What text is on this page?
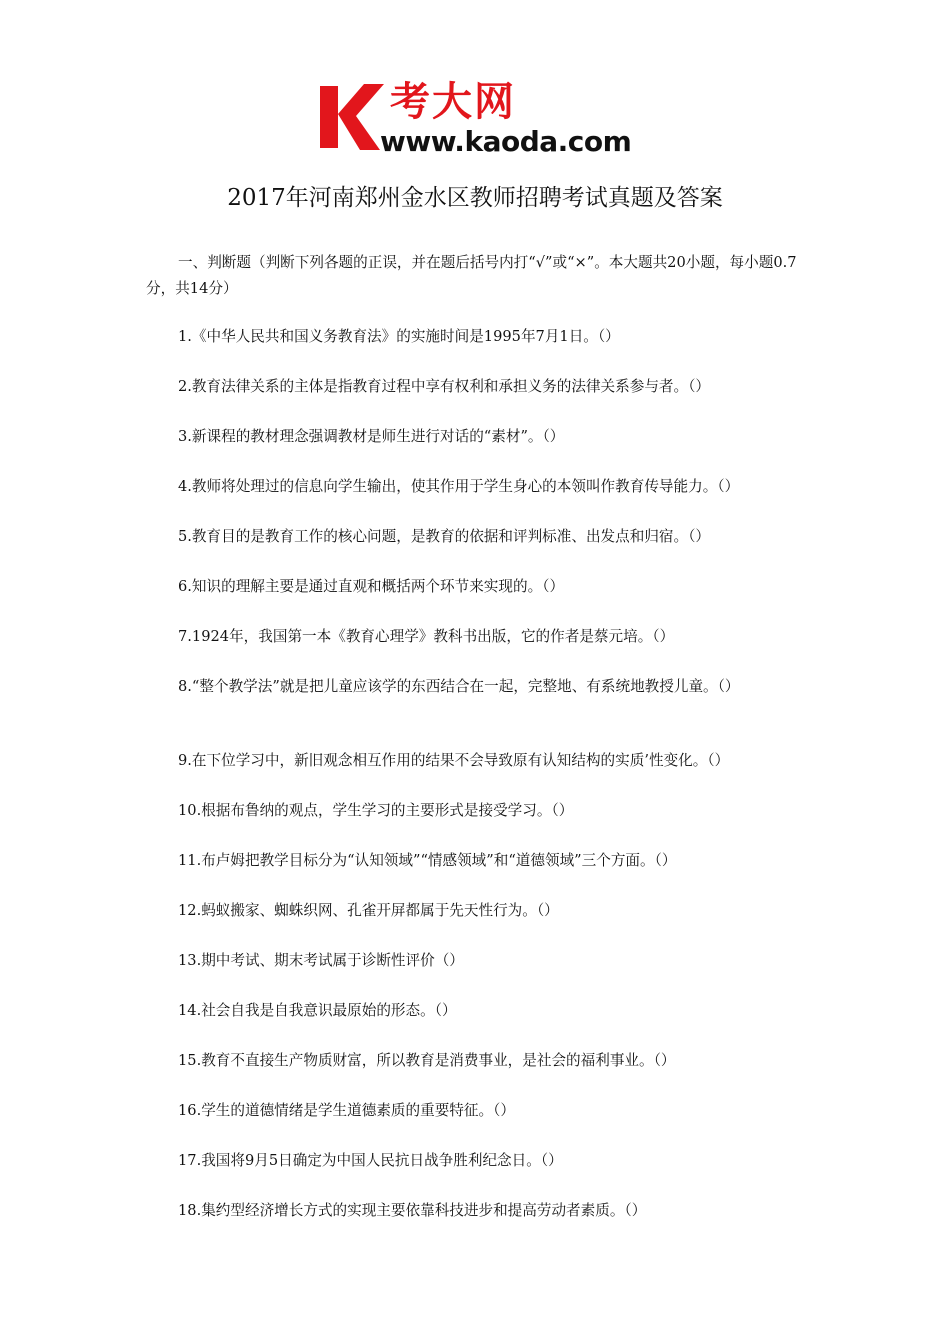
考大网
www.kaoda.com
2017年河南郑州金水区教师招聘考试真题及答案

一、判断题（判断下列各题的正误，并在题后括号内打“√”或“×”。本大题共20小题，每小题0.7分，共14分）

1.《中华人民共和国义务教育法》的实施时间是1995年7月1日。（）

2.教育法律关系的主体是指教育过程中享有权利和承担义务的法律关系参与者。（）

3.新课程的教材理念强调教材是师生进行对话的“素材”。（）

4.教师将处理过的信息向学生输出，使其作用于学生身心的本领叫作教育传导能力。（）

5.教育目的是教育工作的核心问题，是教育的依据和评判标准、出发点和归宿。（）

6.知识的理解主要是通过直观和概括两个环节来实现的。（）

7.1924年，我国第一本《教育心理学》教科书出版，它的作者是蔡元培。（）

8.“整个教学法”就是把儿童应该学的东西结合在一起，完整地、有系统地教授儿童。（）

9.在下位学习中，新旧观念相互作用的结果不会导致原有认知结构的实质’性变化。（）

10.根据布鲁纳的观点，学生学习的主要形式是接受学习。（）

11.布卢姆把教学目标分为“认知领域”“情感领域”和“道德领域”三个方面。（）

12.蚂蚁搬家、蜘蛛织网、孔雀开屏都属于先天性行为。（）

13.期中考试、期末考试属于诊断性评价（）

14.社会自我是自我意识最原始的形态。（）

15.教育不直接生产物质财富，所以教育是消费事业，是社会的福利事业。（）

16.学生的道德情绪是学生道德素质的重要特征。（）

17.我国将9月5日确定为中国人民抗日战争胜利纪念日。（）

18.集约型经济增长方式的实现主要依靠科技进步和提高劳动者素质。（）
